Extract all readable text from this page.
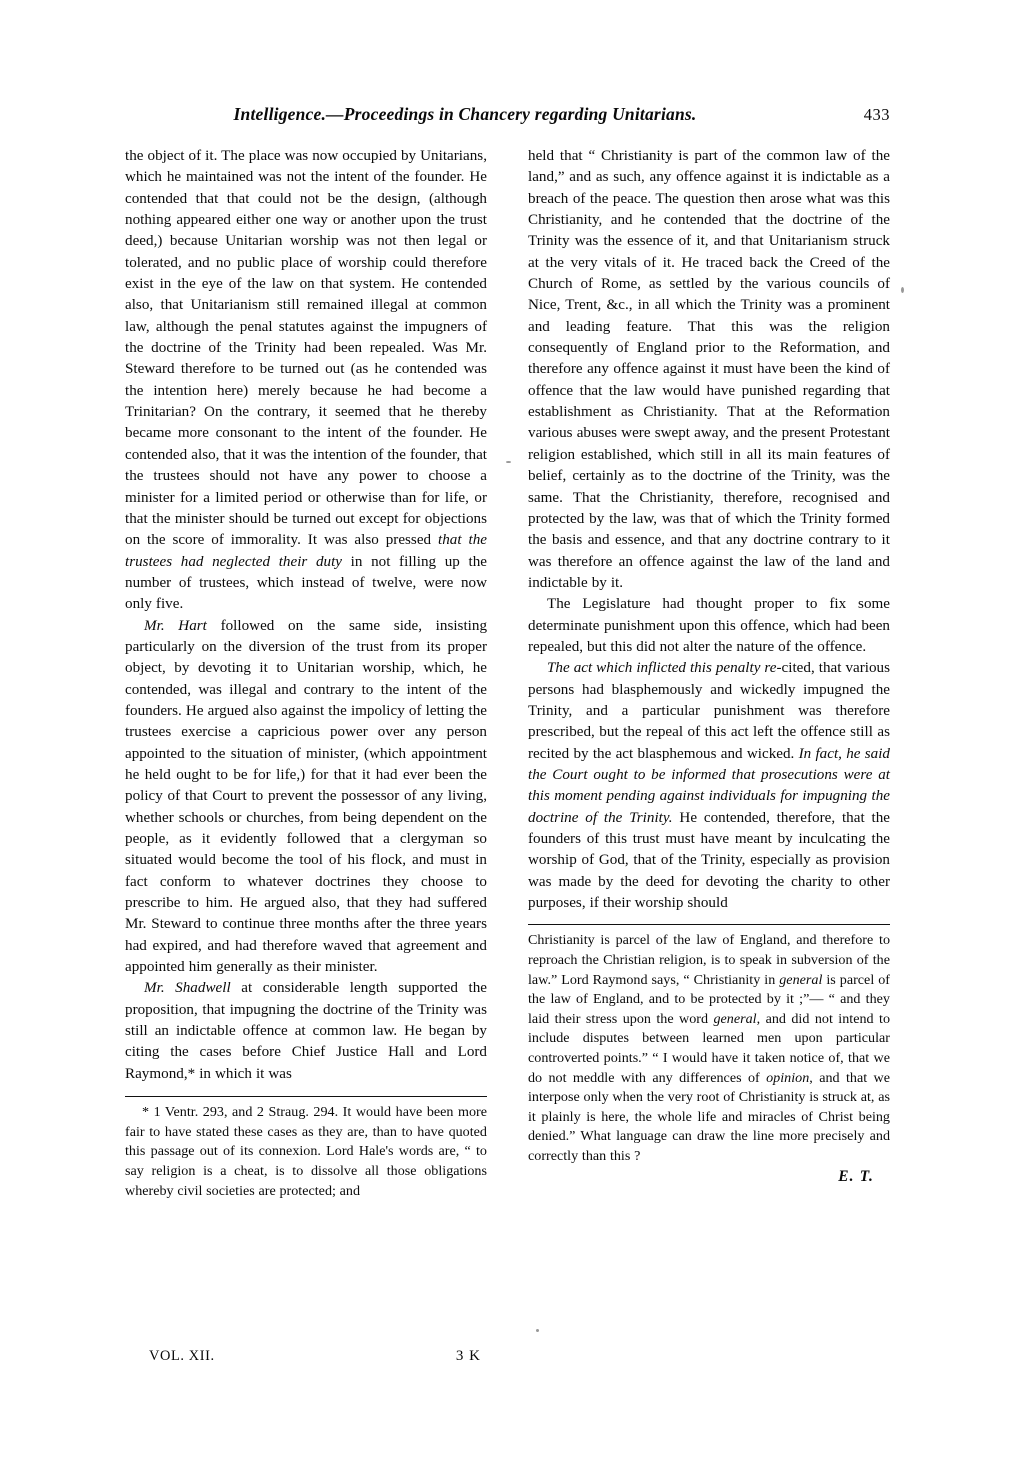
Intelligence.—Proceedings in Chancery regarding Unitarians.	433

the object of it. The place was now occupied by Unitarians, which he maintained was not the intent of the founder. He contended that that could not be the design, (although nothing appeared either one way or another upon the trust deed,) because Unitarian worship was not then legal or tolerated, and no public place of worship could therefore exist in the eye of the law on that system. He contended also, that Unitarianism still remained illegal at common law, although the penal statutes against the impugners of the doctrine of the Trinity had been repealed. Was Mr. Steward therefore to be turned out (as he contended was the intention here) merely because he had become a Trinitarian? On the contrary, it seemed that he thereby became more consonant to the intent of the founder. He contended also, that it was the intention of the founder, that the trustees should not have any power to choose a minister for a limited period or otherwise than for life, or that the minister should be turned out except for objections on the score of immorality. It was also pressed that the trustees had neglected their duty in not filling up the number of trustees, which instead of twelve, were now only five.

Mr. Hart followed on the same side, insisting particularly on the diversion of the trust from its proper object, by devoting it to Unitarian worship, which, he contended, was illegal and contrary to the intent of the founders. He argued also against the impolicy of letting the trustees exercise a capricious power over any person appointed to the situation of minister, (which appointment he held ought to be for life,) for that it had ever been the policy of that Court to prevent the possessor of any living, whether schools or churches, from being dependent on the people, as it evidently followed that a clergyman so situated would become the tool of his flock, and must in fact conform to whatever doctrines they choose to prescribe to him. He argued also, that they had suffered Mr. Steward to continue three months after the three years had expired, and had therefore waved that agreement and appointed him generally as their minister.

Mr. Shadwell at considerable length supported the proposition, that impugning the doctrine of the Trinity was still an indictable offence at common law. He began by citing the cases before Chief Justice Hall and Lord Raymond,* in which it was

* 1 Ventr. 293, and 2 Straug. 294. It would have been more fair to have stated these cases as they are, than to have quoted this passage out of its connexion. Lord Hale's words are, “ to say religion is a cheat, is to dissolve all those obligations whereby civil societies are protected; and

held that “ Christianity is part of the common law of the land,” and as such, any offence against it is indictable as a breach of the peace. The question then arose what was this Christianity, and he contended that the doctrine of the Trinity was the essence of it, and that Unitarianism struck at the very vitals of it. He traced back the Creed of the Church of Rome, as settled by the various councils of Nice, Trent, &c., in all which the Trinity was a prominent and leading feature. That this was the religion consequently of England prior to the Reformation, and therefore any offence against it must have been the kind of offence that the law would have punished regarding that establishment as Christianity. That at the Reformation various abuses were swept away, and the present Protestant religion established, which still in all its main features of belief, certainly as to the doctrine of the Trinity, was the same. That the Christianity, therefore, recognised and protected by the law, was that of which the Trinity formed the basis and essence, and that any doctrine contrary to it was therefore an offence against the law of the land and indictable by it.

The Legislature had thought proper to fix some determinate punishment upon this offence, which had been repealed, but this did not alter the nature of the offence.

The act which inflicted this penalty re-cited, that various persons had blasphemously and wickedly impugned the Trinity, and a particular punishment was therefore prescribed, but the repeal of this act left the offence still as recited by the act blasphemous and wicked. In fact, he said the Court ought to be informed that prosecutions were at this moment pending against individuals for impugning the doctrine of the Trinity. He contended, therefore, that the founders of this trust must have meant by inculcating the worship of God, that of the Trinity, especially as provision was made by the deed for devoting the charity to other purposes, if their worship should

Christianity is parcel of the law of England, and therefore to reproach the Christian religion, is to speak in subversion of the law.” Lord Raymond says, “ Christianity in general is parcel of the law of England, and to be protected by it ;”— “ and they laid their stress upon the word general, and did not intend to include disputes between learned men upon particular controverted points.” “ I would have it taken notice of, that we do not meddle with any differences of opinion, and that we interpose only when the very root of Christianity is struck at, as it plainly is here, the whole life and miracles of Christ being denied.” What language can draw the line more precisely and correctly than this ?

E. T.
VOL. XII.	3 K
